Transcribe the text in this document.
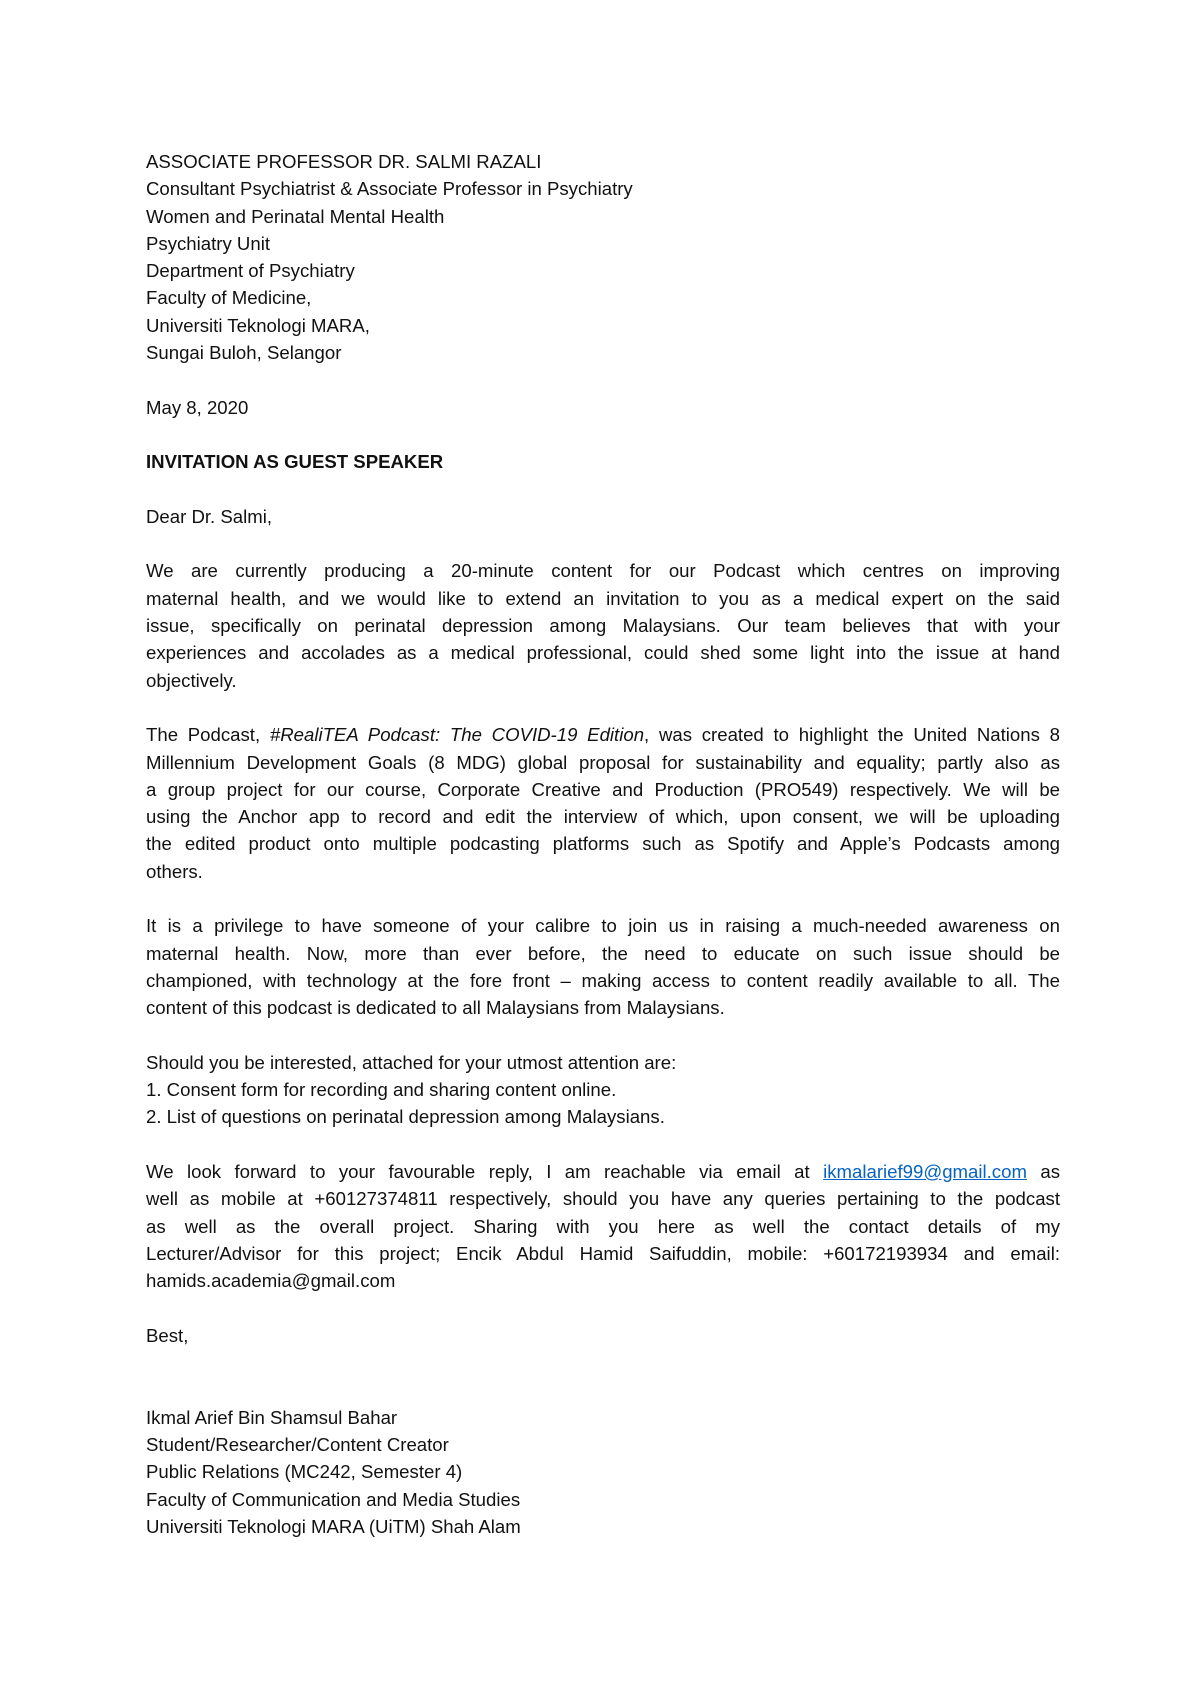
ASSOCIATE PROFESSOR DR. SALMI RAZALI
Consultant Psychiatrist & Associate Professor in Psychiatry
Women and Perinatal Mental Health
Psychiatry Unit
Department of Psychiatry
Faculty of Medicine,
Universiti Teknologi MARA,
Sungai Buloh, Selangor
May 8, 2020
INVITATION AS GUEST SPEAKER
Dear Dr. Salmi,
We are currently producing a 20-minute content for our Podcast which centres on improving
maternal health, and we would like to extend an invitation to you as a medical expert on the said
issue, specifically on perinatal depression among Malaysians. Our team believes that with your
experiences and accolades as a medical professional, could shed some light into the issue at hand
objectively.
The Podcast, #RealiTEA Podcast: The COVID-19 Edition, was created to highlight the United Nations 8
Millennium Development Goals (8 MDG) global proposal for sustainability and equality; partly also as
a group project for our course, Corporate Creative and Production (PRO549) respectively. We will be
using the Anchor app to record and edit the interview of which, upon consent, we will be uploading
the edited product onto multiple podcasting platforms such as Spotify and Apple’s Podcasts among
others.
It is a privilege to have someone of your calibre to join us in raising a much-needed awareness on
maternal health. Now, more than ever before, the need to educate on such issue should be
championed, with technology at the fore front – making access to content readily available to all. The
content of this podcast is dedicated to all Malaysians from Malaysians.
Should you be interested, attached for your utmost attention are:
1. Consent form for recording and sharing content online.
2. List of questions on perinatal depression among Malaysians.
We look forward to your favourable reply, I am reachable via email at ikmalarief99@gmail.com as
well as mobile at +60127374811 respectively, should you have any queries pertaining to the podcast
as well as the overall project. Sharing with you here as well the contact details of my
Lecturer/Advisor for this project; Encik Abdul Hamid Saifuddin, mobile: +60172193934 and email:
hamids.academia@gmail.com
Best,
Ikmal Arief Bin Shamsul Bahar
Student/Researcher/Content Creator
Public Relations (MC242, Semester 4)
Faculty of Communication and Media Studies
Universiti Teknologi MARA (UiTM) Shah Alam
